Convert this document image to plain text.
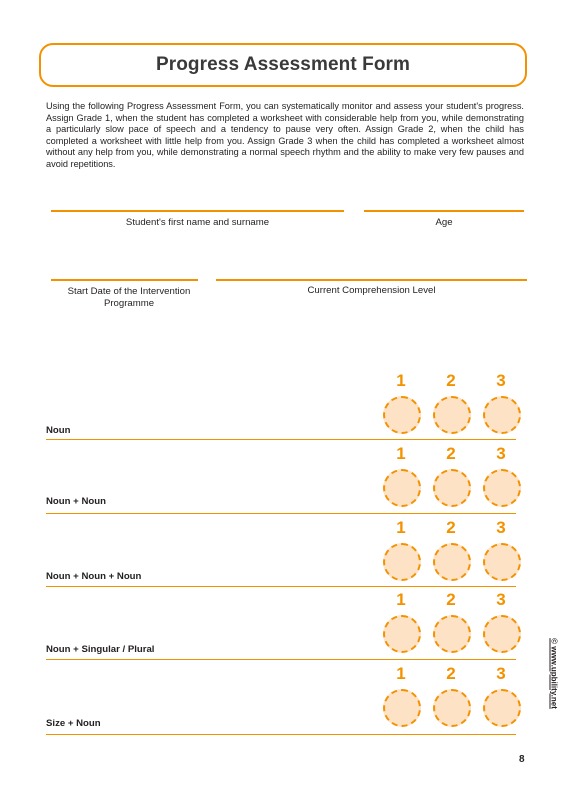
Progress Assessment Form

Using the following Progress Assessment Form, you can systematically monitor and assess your student's progress. Assign Grade 1, when the student has completed a worksheet with considerable help from you, while demonstrating a particularly slow pace of speech and a tendency to pause very often. Assign Grade 2, when the child has completed a worksheet with little help from you. Assign Grade 3 when the child has completed a worksheet almost without any help from you, while demonstrating a normal speech rhythm and the ability to make very few pauses and avoid repetitions.

Student's first name and surname	Age
Start Date of the Intervention Programme
Current Comprehension Level
1	2	3
Noun
1	2	3
Noun + Noun
1	2	3
Noun + Noun + Noun
1	2	3
Noun + Singular / Plural
1	2	3
Size + Noun
© www.upbility.net
8
